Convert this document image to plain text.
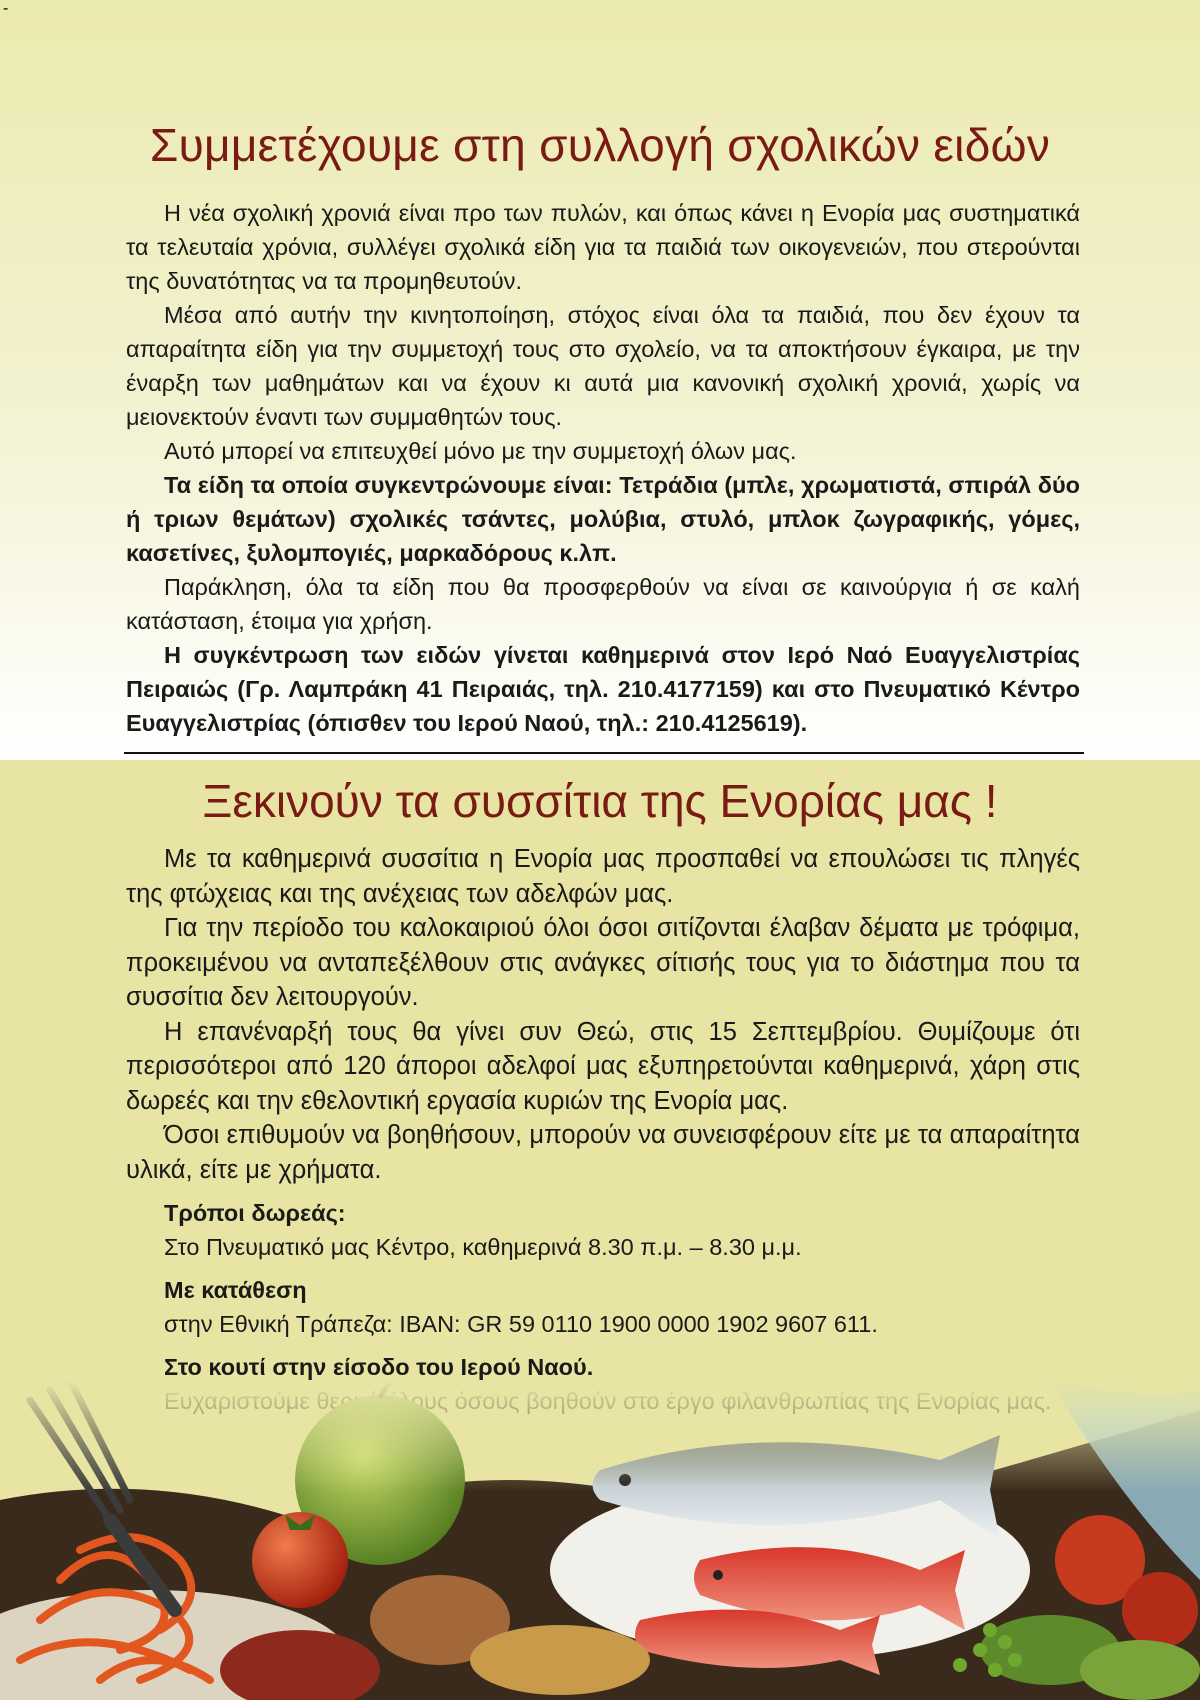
-
Συμμετέχουμε στη συλλογή σχολικών ειδών

Η νέα σχολική χρονιά είναι προ των πυλών, και όπως κάνει η Ενορία μας συστηματικά τα τελευταία χρόνια, συλλέγει σχολικά είδη για τα παιδιά των οικογενειών, που στερούνται της δυνατότητας να τα προμηθευτούν.

Μέσα από αυτήν την κινητοποίηση, στόχος είναι όλα τα παιδιά, που δεν έχουν τα απαραίτητα είδη για την συμμετοχή τους στο σχολείο, να τα αποκτήσουν έγκαιρα, με την έναρξη των μαθημάτων και να έχουν κι αυτά μια κανονική σχολική χρονιά, χωρίς να μειονεκτούν έναντι των συμμαθητών τους.

Αυτό μπορεί να επιτευχθεί μόνο με την συμμετοχή όλων μας.

Τα είδη τα οποία συγκεντρώνουμε είναι: Τετράδια (μπλε, χρωματιστά, σπιράλ δύο ή τριων θεμάτων) σχολικές τσάντες, μολύβια, στυλό, μπλοκ ζωγραφικής, γόμες, κασετίνες, ξυλομπογιές, μαρκαδόρους κ.λπ.

Παράκληση, όλα τα είδη που θα προσφερθούν να είναι σε καινούργια ή σε καλή κατάσταση, έτοιμα για χρήση.

Η συγκέντρωση των ειδών γίνεται καθημερινά στον Ιερό Ναό Ευαγγελιστρίας Πειραιώς (Γρ. Λαμπράκη 41 Πειραιάς, τηλ. 210.4177159) και στο Πνευματικό Κέντρο Ευαγγελιστρίας (όπισθεν του Ιερού Ναού, τηλ.: 210.4125619).

Ξεκινούν τα συσσίτια της Ενορίας μας !

Με τα καθημερινά συσσίτια η Ενορία μας προσπαθεί να επουλώσει τις πληγές της φτώχειας και της ανέχειας των αδελφών μας.

Για την περίοδο του καλοκαιριού όλοι όσοι σιτίζονται έλαβαν δέματα με τρόφιμα, προκειμένου να ανταπεξέλθουν στις ανάγκες σίτισής τους για το διάστημα που τα συσσίτια δεν λειτουργούν.

Η επανέναρξή τους θα γίνει συν Θεώ, στις 15 Σεπτεμβρίου. Θυμίζουμε ότι περισσότεροι από 120 άποροι αδελφοί μας εξυπηρετούνται καθημερινά, χάρη στις δωρεές και την εθελοντική εργασία κυριών της Ενορία μας.

Όσοι επιθυμούν να βοηθήσουν, μπορούν να συνεισφέρουν είτε με τα απαραίτητα υλικά, είτε με χρήματα.

Τρόποι δωρεάς:
Στο Πνευματικό μας Κέντρο, καθημερινά 8.30 π.μ. – 8.30 μ.μ.
Με κατάθεση
στην Εθνική Τράπεζα: IBAN: GR 59 0110 1900 0000 1902 9607 611.
Στο κουτί στην είσοδο του Ιερού Ναού.
